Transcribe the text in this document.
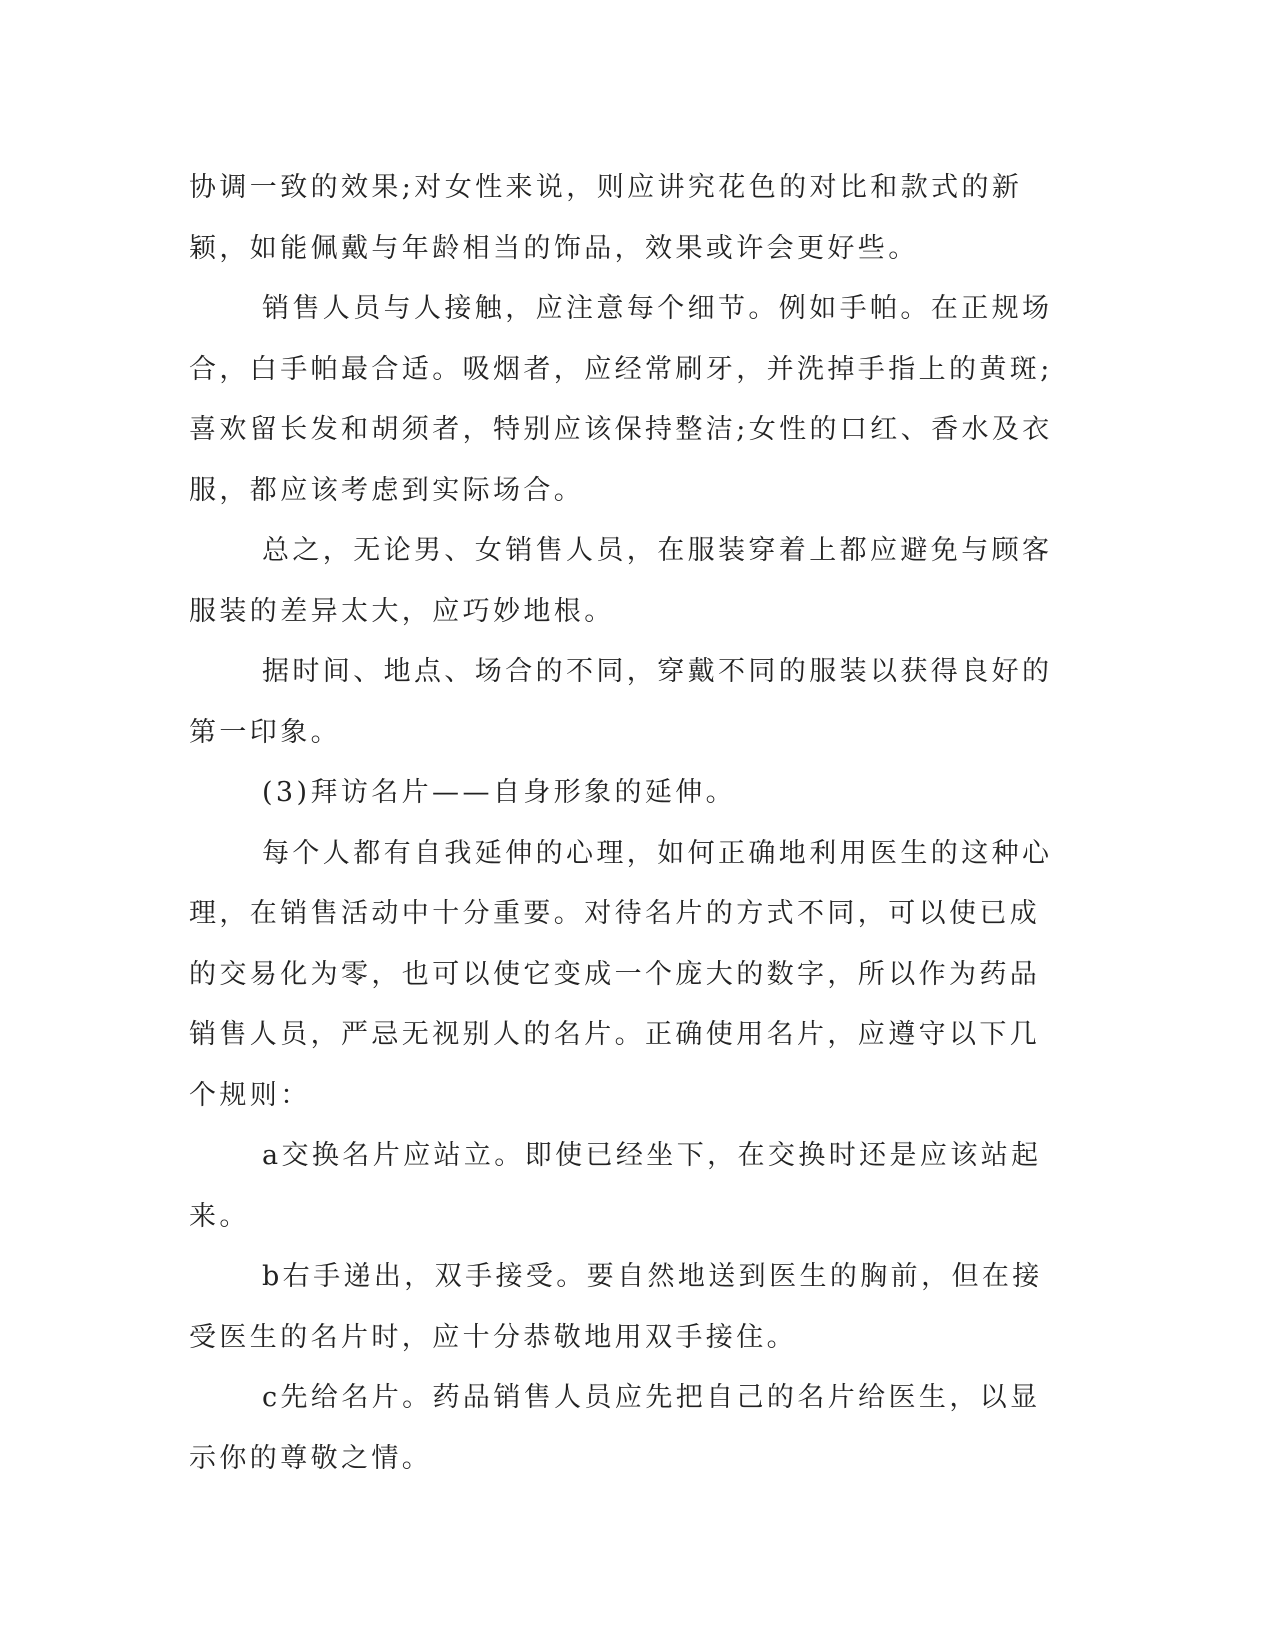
协调一致的效果;对女性来说，则应讲究花色的对比和款式的新颖，如能佩戴与年龄相当的饰品，效果或许会更好些。

销售人员与人接触，应注意每个细节。例如手帕。在正规场合，白手帕最合适。吸烟者，应经常刷牙，并洗掉手指上的黄斑;喜欢留长发和胡须者，特别应该保持整洁;女性的口红、香水及衣服，都应该考虑到实际场合。

总之，无论男、女销售人员，在服装穿着上都应避免与顾客服装的差异太大，应巧妙地根。

据时间、地点、场合的不同，穿戴不同的服装以获得良好的第一印象。

(3)拜访名片——自身形象的延伸。

每个人都有自我延伸的心理，如何正确地利用医生的这种心理，在销售活动中十分重要。对待名片的方式不同，可以使已成的交易化为零，也可以使它变成一个庞大的数字，所以作为药品销售人员，严忌无视别人的名片。正确使用名片，应遵守以下几个规则：

a交换名片应站立。即使已经坐下，在交换时还是应该站起来。

b右手递出，双手接受。要自然地送到医生的胸前，但在接受医生的名片时，应十分恭敬地用双手接住。

c先给名片。药品销售人员应先把自己的名片给医生，以显示你的尊敬之情。
